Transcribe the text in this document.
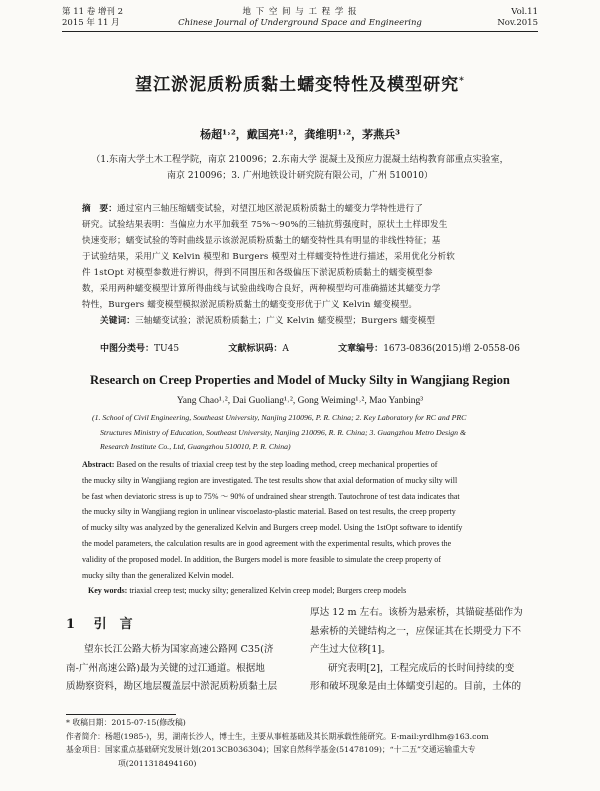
第 11 卷 增刊 2
2015 年 11 月
地 下 空 间 与 工 程 学 报
Chinese Journal of Underground Space and Engineering
Vol.11
Nov.2015
望江淤泥质粉质黏土蠕变特性及模型研究*
杨超¹˒²，戴国亮¹˒²，龚维明¹˒²，茅燕兵³
（1.东南大学土木工程学院，南京 210096；2.东南大学 混凝土及预应力混凝土结构教育部重点实验室，
南京 210096；3. 广州地铁设计研究院有限公司，广州 510010）
摘　要：通过室内三轴压缩蠕变试验，对望江地区淤泥质粉质黏土的蠕变力学特性进行了
研究。试验结果表明：当偏应力水平加载至 75%～90%的三轴抗剪强度时，原状土土样即发生
快速变形；蠕变试验的等时曲线显示该淤泥质粉质黏土的蠕变特性具有明显的非线性特征；基
于试验结果，采用广义 Kelvin 模型和 Burgers 模型对土样蠕变特性进行描述，采用优化分析软
件 1stOpt 对模型参数进行辨识，得到不同围压和各级偏压下淤泥质粉质黏土的蠕变模型参
数，采用两种蠕变模型计算所得曲线与试验曲线吻合良好，两种模型均可准确描述其蠕变力学
特性，Burgers 蠕变模型模拟淤泥质粉质黏土的蠕变变形优于广义 Kelvin 蠕变模型。
关键词：三轴蠕变试验；淤泥质粉质黏土；广义 Kelvin 蠕变模型；Burgers 蠕变模型
中图分类号：TU45	文献标识码：A	文章编号：1673-0836(2015)增 2-0558-06
Research on Creep Properties and Model of Mucky Silty in Wangjiang Region
Yang Chao¹˒², Dai Guoliang¹˒², Gong Weiming¹˒², Mao Yanbing³
(1. School of Civil Engineering, Southeast University, Nanjing 210096, P. R. China; 2. Key Laboratory for RC and PRC
Structures Ministry of Education, Southeast University, Nanjing 210096, R. R. China; 3. Guangzhou Metro Design &
Research Institute Co., Ltd, Guangzhou 510010, P. R. China)
Abstract: Based on the results of triaxial creep test by the step loading method, creep mechanical properties of
the mucky silty in Wangjiang region are investigated. The test results show that axial deformation of mucky silty will
be fast when deviatoric stress is up to 75% ～ 90% of undrained shear strength. Tautochrone of test data indicates that
the mucky silty in Wangjiang region in unlinear viscoelasto-plastic material. Based on test results, the creep property
of mucky silty was analyzed by the generalized Kelvin and Burgers creep model. Using the 1stOpt software to identify
the model parameters, the calculation results are in good agreement with the experimental results, which proves the
validity of the proposed model. In addition, the Burgers model is more feasible to simulate the creep property of
mucky silty than the generalized Kelvin model.
Key words: triaxial creep test; mucky silty; generalized Kelvin creep model; Burgers creep models
1 引　言
望东长江公路大桥为国家高速公路网 C35(济
南-广州高速公路)最为关键的过江通道。根据地
质勘察资料，勘区地层覆盖层中淤泥质粉质黏土层
厚达 12 m 左右。该桥为悬索桥，其锚碇基础作为
悬索桥的关键结构之一，应保证其在长期受力下不
产生过大位移[1]。
研究表明[2]，工程完成后的长时间持续的变
形和破坏现象是由土体蠕变引起的。目前，土体的
* 收稿日期：2015-07-15(修改稿)
作者简介：杨超(1985-)，男，湖南长沙人，博士生，主要从事桩基础及其长期承载性能研究。E-mail:yrdlhm@163.com
基金项目：国家重点基础研究发展计划(2013CB036304)；国家自然科学基金(51478109)；“十二五”交通运输重大专
项(2011318494160)
